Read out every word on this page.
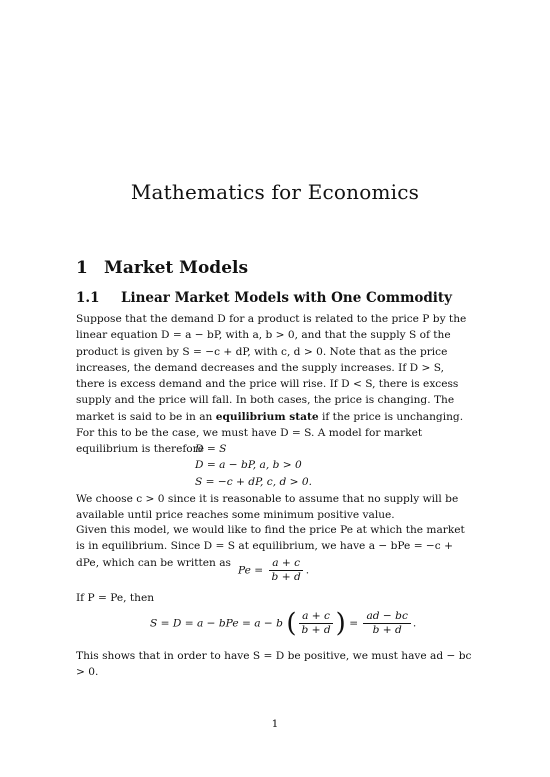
Mathematics for Economics
1 Market Models
1.1 Linear Market Models with One Commodity
Suppose that the demand D for a product is related to the price P by the linear equation D = a − bP, with a, b > 0, and that the supply S of the product is given by S = −c + dP, with c, d > 0. Note that as the price increases, the demand decreases and the supply increases. If D > S, there is excess demand and the price will rise. If D < S, there is excess supply and the price will fall. In both cases, the price is changing. The market is said to be in an equilibrium state if the price is unchanging. For this to be the case, we must have D = S. A model for market equilibrium is therefore
D = S
D = a − bP, a, b > 0
S = −c + dP, c, d > 0.
We choose c > 0 since it is reasonable to assume that no supply will be available until price reaches some minimum positive value.
Given this model, we would like to find the price Pe at which the market is in equilibrium. Since D = S at equilibrium, we have a − bPe = −c + dPe, which can be written as
$Pe = \frac{a + c}{b + d}$ .
If P = Pe, then
S = D = a − bPe = a − b ( $\frac{a + c}{b + d}$ ) = $\frac{ad - bc}{b + d}$ .
This shows that in order to have S = D be positive, we must have ad − bc > 0.
1
